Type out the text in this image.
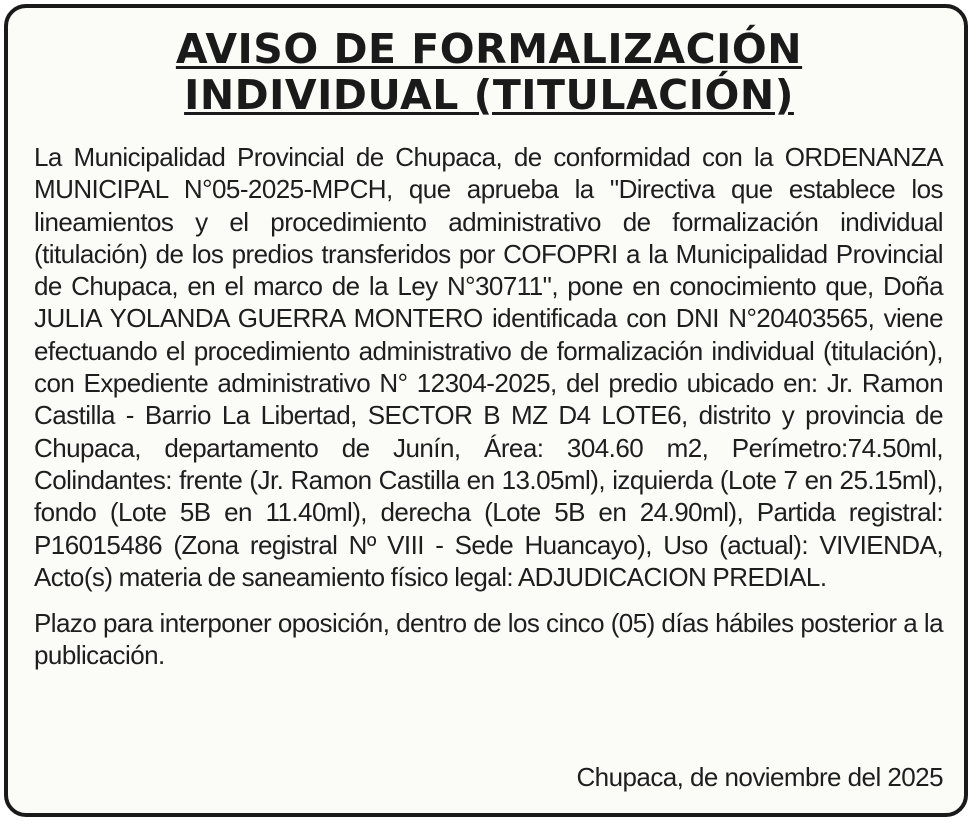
AVISO DE FORMALIZACIÓN
INDIVIDUAL (TITULACIÓN)

La Municipalidad Provincial de Chupaca, de conformidad con la ORDENANZA MUNICIPAL N°05-2025-MPCH, que aprueba la "Directiva que establece los lineamientos y el procedimiento administrativo de formalización individual (titulación) de los predios transferidos por COFOPRI a la Municipalidad Provincial de Chupaca, en el marco de la Ley N°30711", pone en conocimiento que, Doña JULIA YOLANDA GUERRA MONTERO identificada con DNI N°20403565, viene efectuando el procedimiento administrativo de formalización individual (titulación), con Expediente administrativo N° 12304-2025, del predio ubicado en: Jr. Ramon Castilla - Barrio La Libertad, SECTOR B MZ D4 LOTE6, distrito y provincia de Chupaca, departamento de Junín, Área: 304.60 m2, Perímetro:74.50ml, Colindantes: frente (Jr. Ramon Castilla en 13.05ml), izquierda (Lote 7 en 25.15ml), fondo (Lote 5B en 11.40ml), derecha (Lote 5B en 24.90ml), Partida registral: P16015486 (Zona registral Nº VIII - Sede Huancayo), Uso (actual): VIVIENDA, Acto(s) materia de saneamiento físico legal: ADJUDICACION PREDIAL.

Plazo para interponer oposición, dentro de los cinco (05) días hábiles posterior a la publicación.

Chupaca, de noviembre del 2025
